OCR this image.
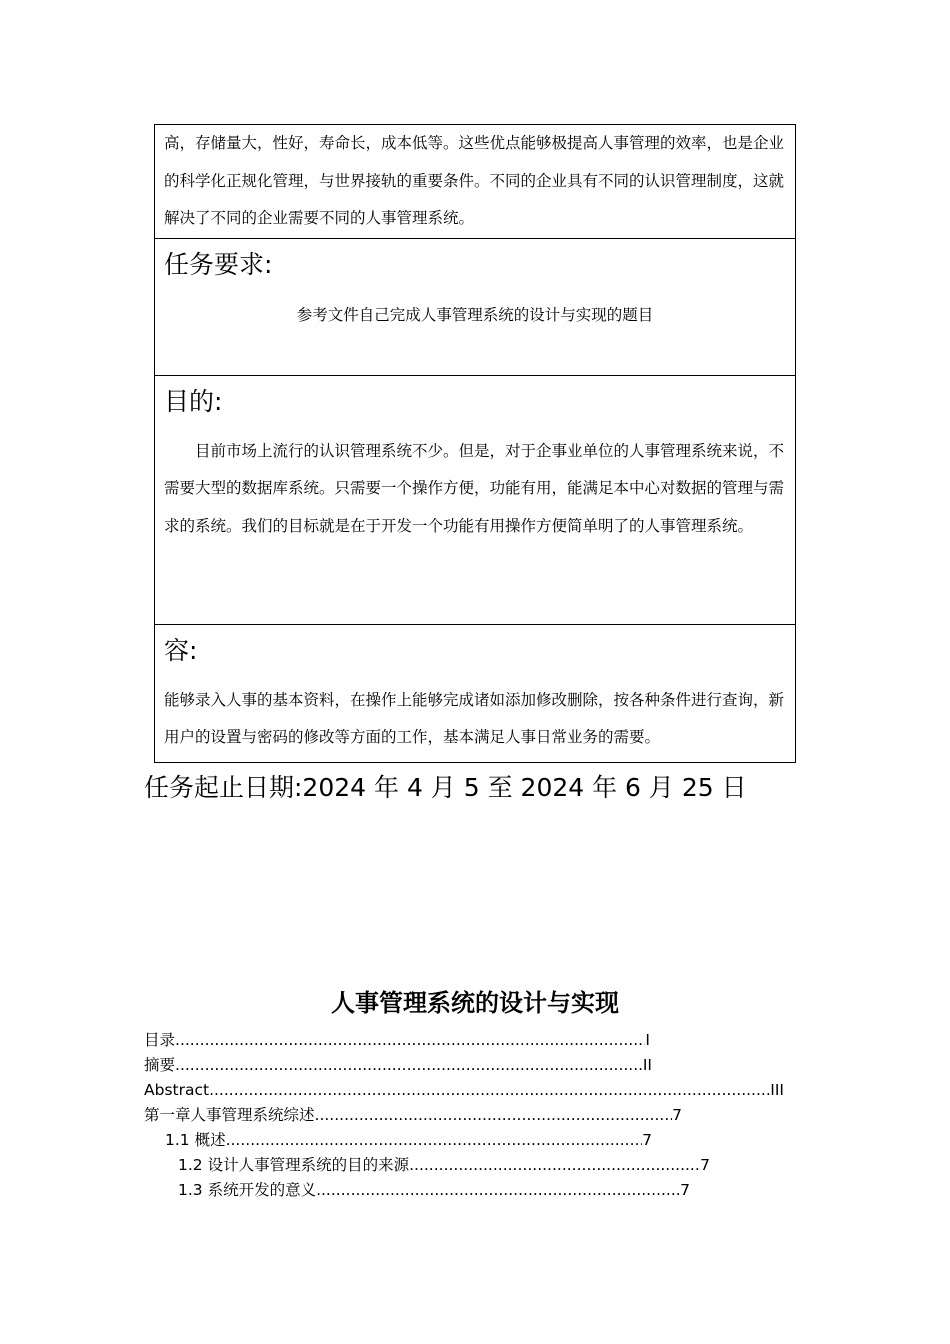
高，存储量大，性好，寿命长，成本低等。这些优点能够极提高人事管理的效率，也是企业的科学化正规化管理，与世界接轨的重要条件。不同的企业具有不同的认识管理制度，这就解决了不同的企业需要不同的人事管理系统。

任务要求:

参考文件自己完成人事管理系统的设计与实现的题目

目的:

目前市场上流行的认识管理系统不少。但是，对于企事业单位的人事管理系统来说，不需要大型的数据库系统。只需要一个操作方便，功能有用，能满足本中心对数据的管理与需求的系统。我们的目标就是在于开发一个功能有用操作方便简单明了的人事管理系统。

容:

能够录入人事的基本资料，在操作上能够完成诸如添加修改删除，按各种条件进行查询，新用户的设置与密码的修改等方面的工作，基本满足人事日常业务的需要。

任务起止日期:2024 年 4 月 5 至 2024 年 6 月 25 日
人事管理系统的设计与实现
目录 .....	I
摘要 .....	II
Abstract .....	III
第一章人事管理系统综述 .....	7
1.1 概述 .....	7
1.2 设计人事管理系统的目的来源 .....	7
1.3 系统开发的意义 .....	7
